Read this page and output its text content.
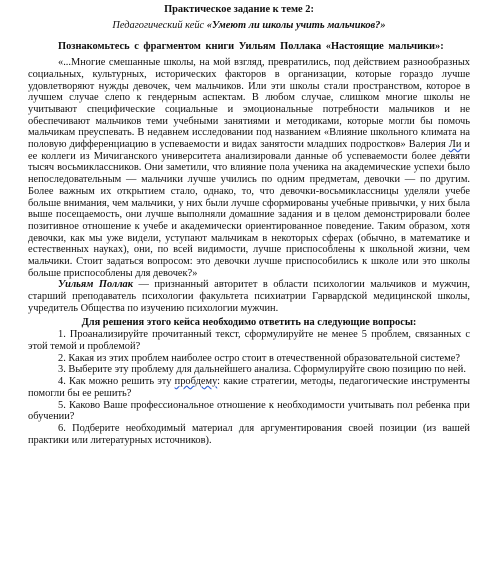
Практическое задание к теме 2:

Педагогический кейс «Умеют ли школы учить мальчиков?»

Познакомьтесь с фрагментом книги Уильям Поллака «Настоящие мальчики»:

«...Многие смешанные школы, на мой взгляд, превратились, под действием разнообразных социальных, культурных, исторических факторов в организации, которые гораздо лучше удовлетворяют нужды девочек, чем мальчиков. Или эти школы стали пространством, которое в лучшем случае слепо к гендерным аспектам. В любом случае, слишком многие школы не учитывают специфические социальные и эмоциональные потребности мальчиков и не обеспечивают мальчиков теми учебными занятиями и методиками, которые могли бы помочь мальчикам преуспевать. В недавнем исследовании под названием «Влияние школьного климата на половую дифференциацию в успеваемости и видах занятости младших подростков» Валерия Ли и ее коллеги из Мичиганского университета анализировали данные об успеваемости более девяти тысяч восьмиклассников. Они заметили, что влияние пола ученика на академические успехи было непоследовательным — мальчики лучше учились по одним предметам, девочки — по другим. Более важным их открытием стало, однако, то, что девочки-восьмиклассницы уделяли учебе больше внимания, чем мальчики, у них были лучше сформированы учебные привычки, у них была выше посещаемость, они лучше выполняли домашние задания и в целом демонстрировали более позитивное отношение к учебе и академически ориентированное поведение. Таким образом, хотя девочки, как мы уже видели, уступают мальчикам в некоторых сферах (обычно, в математике и естественных науках), они, по всей видимости, лучше приспособлены к школьной жизни, чем мальчики. Стоит задаться вопросом: это девочки лучше приспособились к школе или это школы больше приспособлены для девочек?»

Уильям Поллак — признанный авторитет в области психологии мальчиков и мужчин, старший преподаватель психологии факультета психиатрии Гарвардской медицинской школы, учредитель Общества по изучению психологии мужчин.

Для решения этого кейса необходимо ответить на следующие вопросы:

1. Проанализируйте прочитанный текст, сформулируйте не менее 5 проблем, связанных с этой темой и проблемой?

2. Какая из этих проблем наиболее остро стоит в отечественной образовательной системе?

3. Выберите эту проблему для дальнейшего анализа. Сформулируйте свою позицию по ней.

4. Как можно решить эту пробдему: какие стратегии, методы, педагогические инструменты помогли бы ее решить?

5. Каково Ваше профессиональное отношение к необходимости учитывать пол ребенка при обучении?

6. Подберите необходимый материал для аргументирования своей позиции (из вашей практики или литературных источников).
